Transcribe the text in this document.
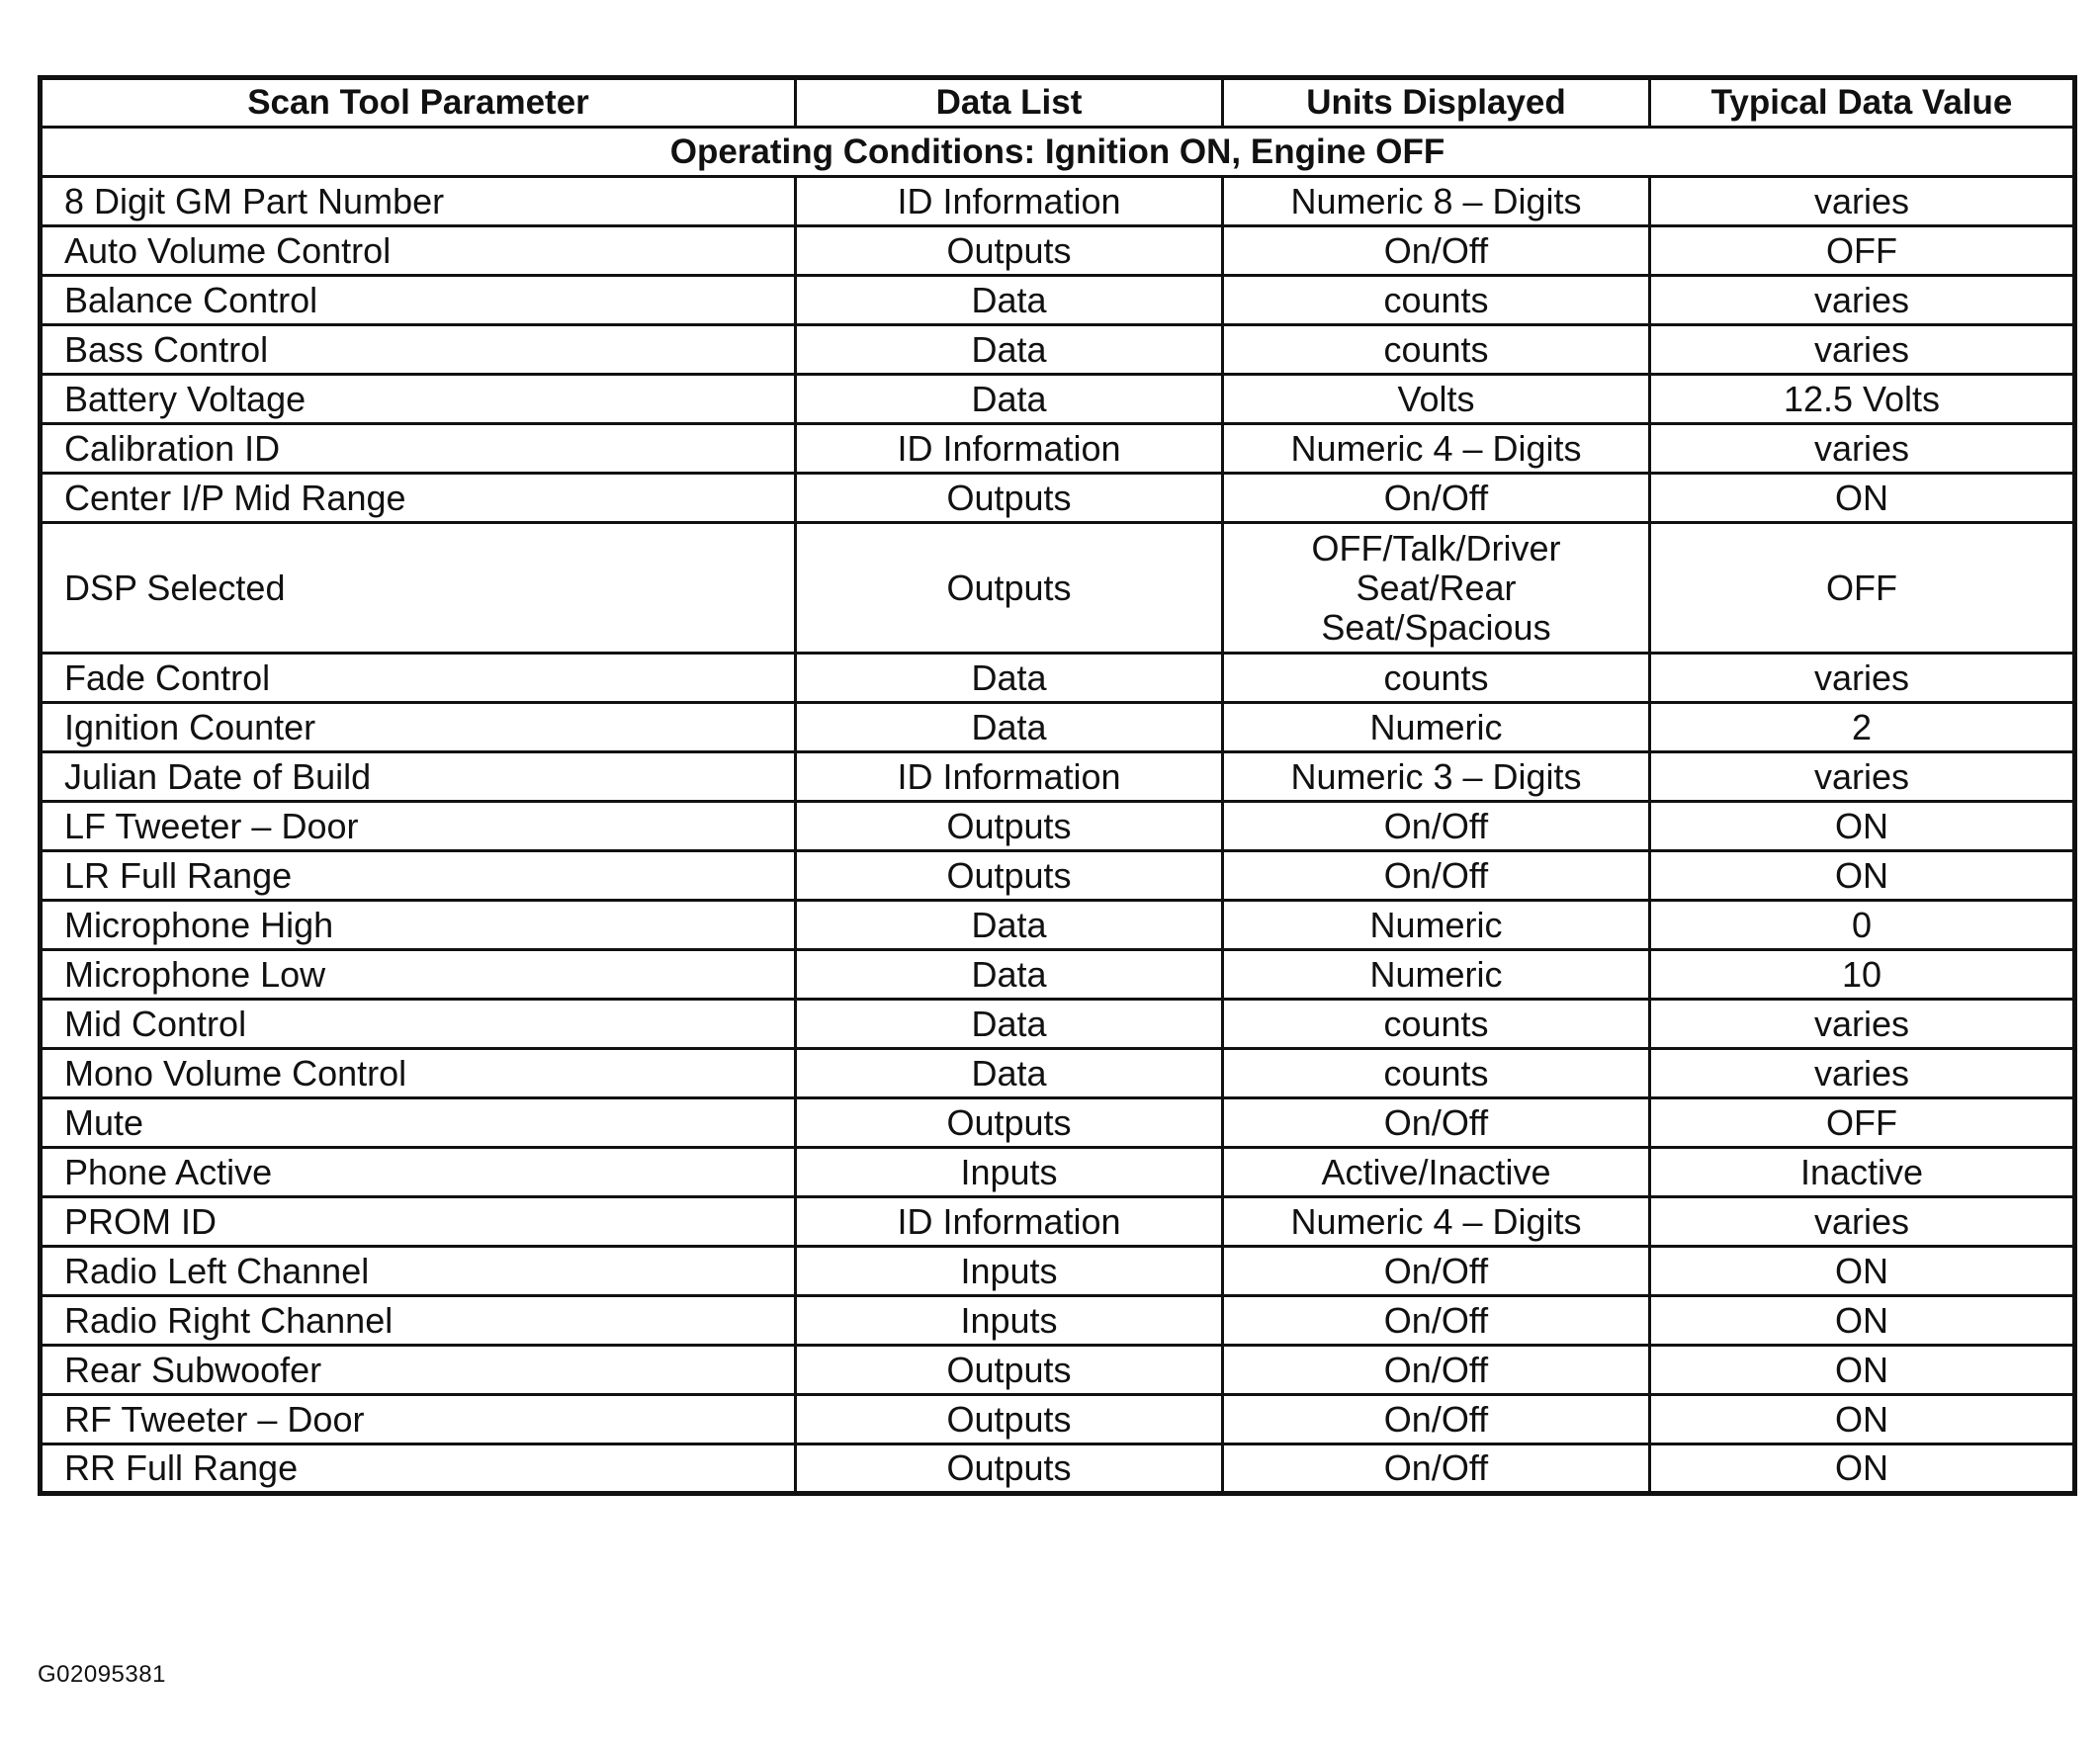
Scan Tool Parameter	Data List	Units Displayed	Typical Data Value
Operating Conditions: Ignition ON, Engine OFF			
8 Digit GM Part Number	ID Information	Numeric 8 – Digits	varies
Auto Volume Control	Outputs	On/Off	OFF
Balance Control	Data	counts	varies
Bass Control	Data	counts	varies
Battery Voltage	Data	Volts	12.5 Volts
Calibration ID	ID Information	Numeric 4 – Digits	varies
Center I/P Mid Range	Outputs	On/Off	ON
DSP Selected	Outputs	OFF/Talk/Driver Seat/Rear Seat/Spacious	OFF
Fade Control	Data	counts	varies
Ignition Counter	Data	Numeric	2
Julian Date of Build	ID Information	Numeric 3 – Digits	varies
LF Tweeter – Door	Outputs	On/Off	ON
LR Full Range	Outputs	On/Off	ON
Microphone High	Data	Numeric	0
Microphone Low	Data	Numeric	10
Mid Control	Data	counts	varies
Mono Volume Control	Data	counts	varies
Mute	Outputs	On/Off	OFF
Phone Active	Inputs	Active/Inactive	Inactive
PROM ID	ID Information	Numeric 4 – Digits	varies
Radio Left Channel	Inputs	On/Off	ON
Radio Right Channel	Inputs	On/Off	ON
Rear Subwoofer	Outputs	On/Off	ON
RF Tweeter – Door	Outputs	On/Off	ON
RR Full Range	Outputs	On/Off	ON
G02095381
